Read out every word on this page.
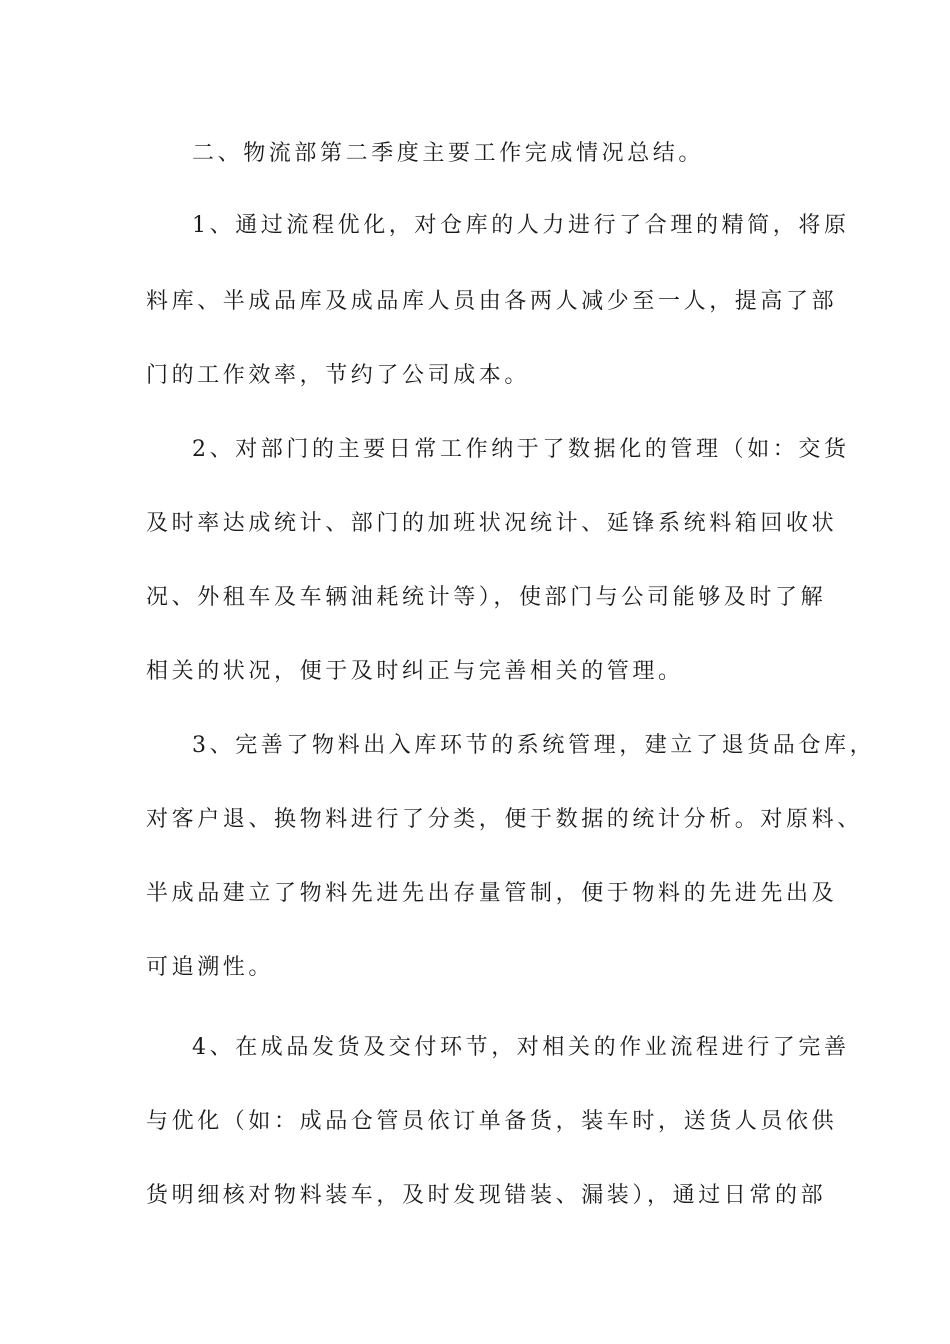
二、物流部第二季度主要工作完成情况总结。
1、通过流程优化，对仓库的人力进行了合理的精简，将原
料库、半成品库及成品库人员由各两人减少至一人，提高了部
门的工作效率，节约了公司成本。
2、对部门的主要日常工作纳于了数据化的管理（如：交货
及时率达成统计、部门的加班状况统计、延锋系统料箱回收状
况、外租车及车辆油耗统计等），使部门与公司能够及时了解
相关的状况，便于及时纠正与完善相关的管理。
3、完善了物料出入库环节的系统管理，建立了退货品仓库，
对客户退、换物料进行了分类，便于数据的统计分析。对原料、
半成品建立了物料先进先出存量管制，便于物料的先进先出及
可追溯性。
4、在成品发货及交付环节，对相关的作业流程进行了完善
与优化（如：成品仓管员依订单备货，装车时，送货人员依供
货明细核对物料装车，及时发现错装、漏装），通过日常的部
